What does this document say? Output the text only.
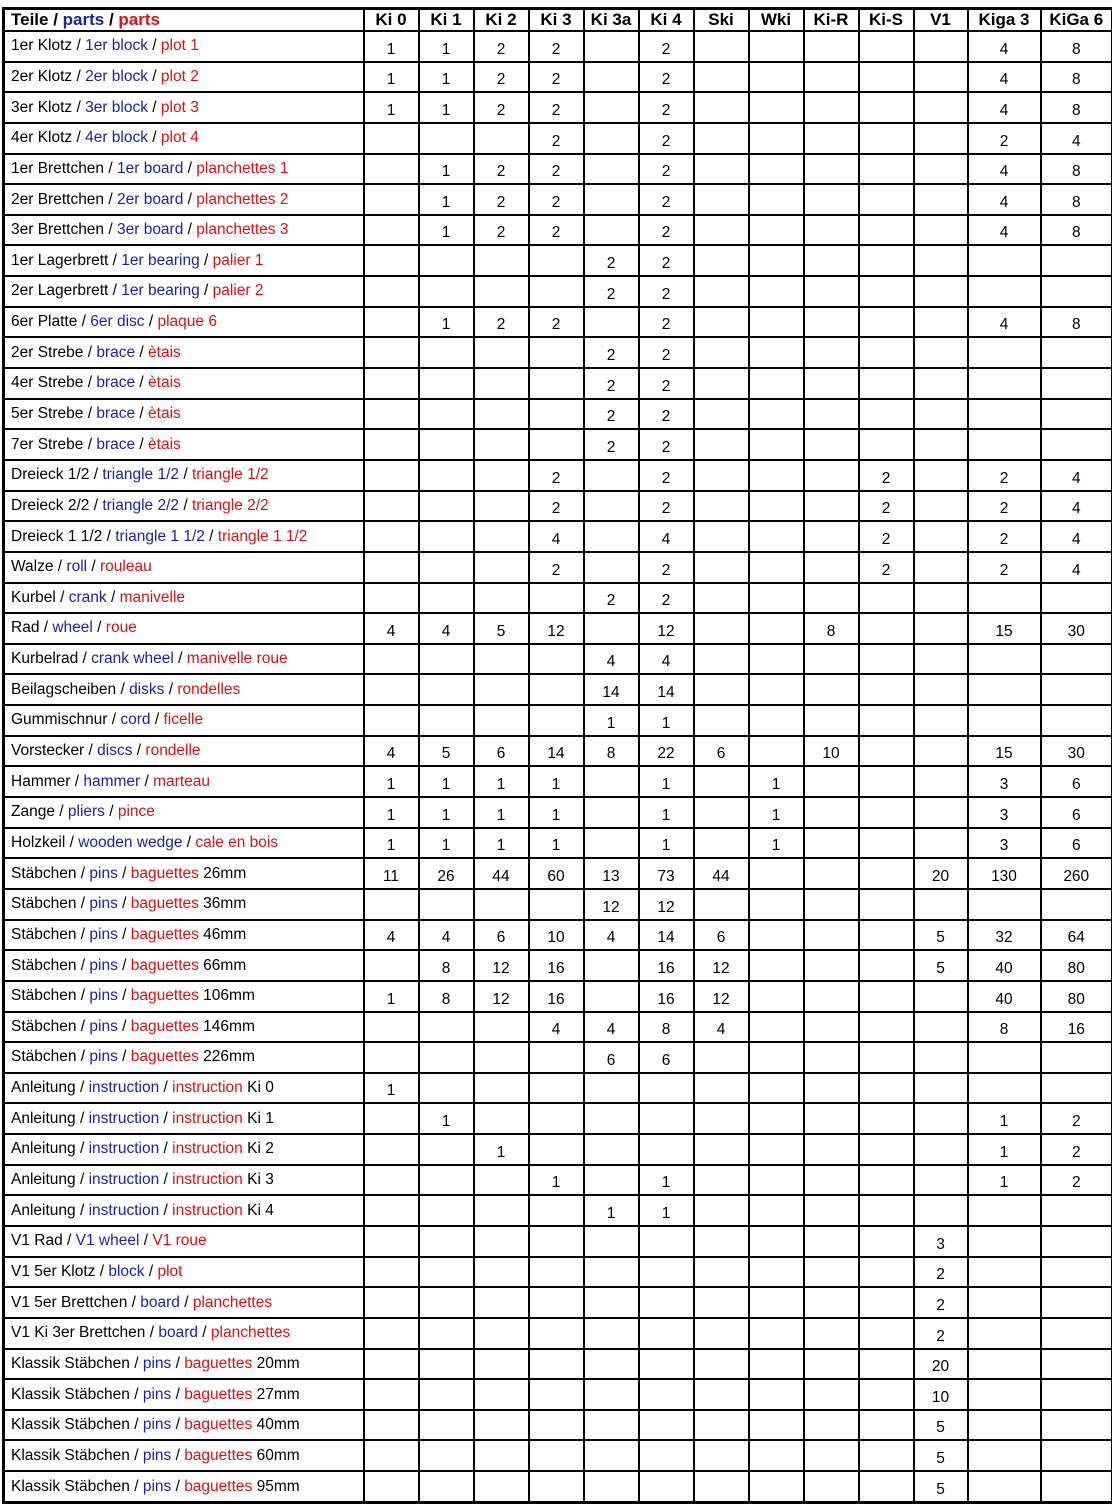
Teile / parts / parts	Ki 0	Ki 1	Ki 2	Ki 3	Ki 3a	Ki 4	Ski	Wki	Ki-R	Ki-S	V1	Kiga 3	KiGa 6
1er Klotz / 1er block / plot 1	1	1	2	2		2						4	8
2er Klotz / 2er block / plot 2	1	1	2	2		2						4	8
3er Klotz / 3er block / plot 3	1	1	2	2		2						4	8
4er Klotz / 4er block / plot 4				2		2						2	4
1er Brettchen / 1er board / planchettes 1		1	2	2		2						4	8
2er Brettchen / 2er board / planchettes 2		1	2	2		2						4	8
3er Brettchen / 3er board / planchettes 3		1	2	2		2						4	8
1er Lagerbrett / 1er bearing / palier 1					2	2							
2er Lagerbrett / 1er bearing / palier 2					2	2							
6er Platte / 6er disc / plaque 6		1	2	2		2						4	8
2er Strebe / brace / ètais					2	2							
4er Strebe / brace / ètais					2	2							
5er Strebe / brace / ètais					2	2							
7er Strebe / brace / ètais					2	2							
Dreieck 1/2 / triangle 1/2 / triangle 1/2				2		2				2		2	4
Dreieck 2/2 / triangle 2/2 / triangle 2/2				2		2				2		2	4
Dreieck 1 1/2 / triangle 1 1/2 / triangle 1 1/2				4		4				2		2	4
Walze / roll / rouleau				2		2				2		2	4
Kurbel / crank / manivelle					2	2							
Rad / wheel / roue	4	4	5	12		12			8			15	30
Kurbelrad / crank wheel / manivelle roue					4	4							
Beilagscheiben / disks / rondelles					14	14							
Gummischnur / cord / ficelle					1	1							
Vorstecker / discs / rondelle	4	5	6	14	8	22	6		10			15	30
Hammer / hammer / marteau	1	1	1	1		1		1				3	6
Zange / pliers / pince	1	1	1	1		1		1				3	6
Holzkeil / wooden wedge / cale en bois	1	1	1	1		1		1				3	6
Stäbchen / pins / baguettes 26mm	11	26	44	60	13	73	44				20	130	260
Stäbchen / pins / baguettes 36mm					12	12							
Stäbchen / pins / baguettes 46mm	4	4	6	10	4	14	6				5	32	64
Stäbchen / pins / baguettes 66mm		8	12	16		16	12				5	40	80
Stäbchen / pins / baguettes 106mm	1	8	12	16		16	12					40	80
Stäbchen / pins / baguettes 146mm				4	4	8	4					8	16
Stäbchen / pins / baguettes 226mm					6	6							
Anleitung / instruction / instruction Ki 0	1												
Anleitung / instruction / instruction Ki 1		1										1	2
Anleitung / instruction / instruction Ki 2			1									1	2
Anleitung / instruction / instruction Ki 3				1		1						1	2
Anleitung / instruction / instruction Ki 4					1	1							
V1 Rad / V1 wheel / V1 roue											3		
V1 5er Klotz / block / plot											2		
V1 5er Brettchen / board / planchettes											2		
V1 Ki 3er Brettchen / board / planchettes											2		
Klassik Stäbchen / pins / baguettes 20mm											20		
Klassik Stäbchen / pins / baguettes 27mm											10		
Klassik Stäbchen / pins / baguettes 40mm											5		
Klassik Stäbchen / pins / baguettes 60mm											5		
Klassik Stäbchen / pins / baguettes 95mm											5		
